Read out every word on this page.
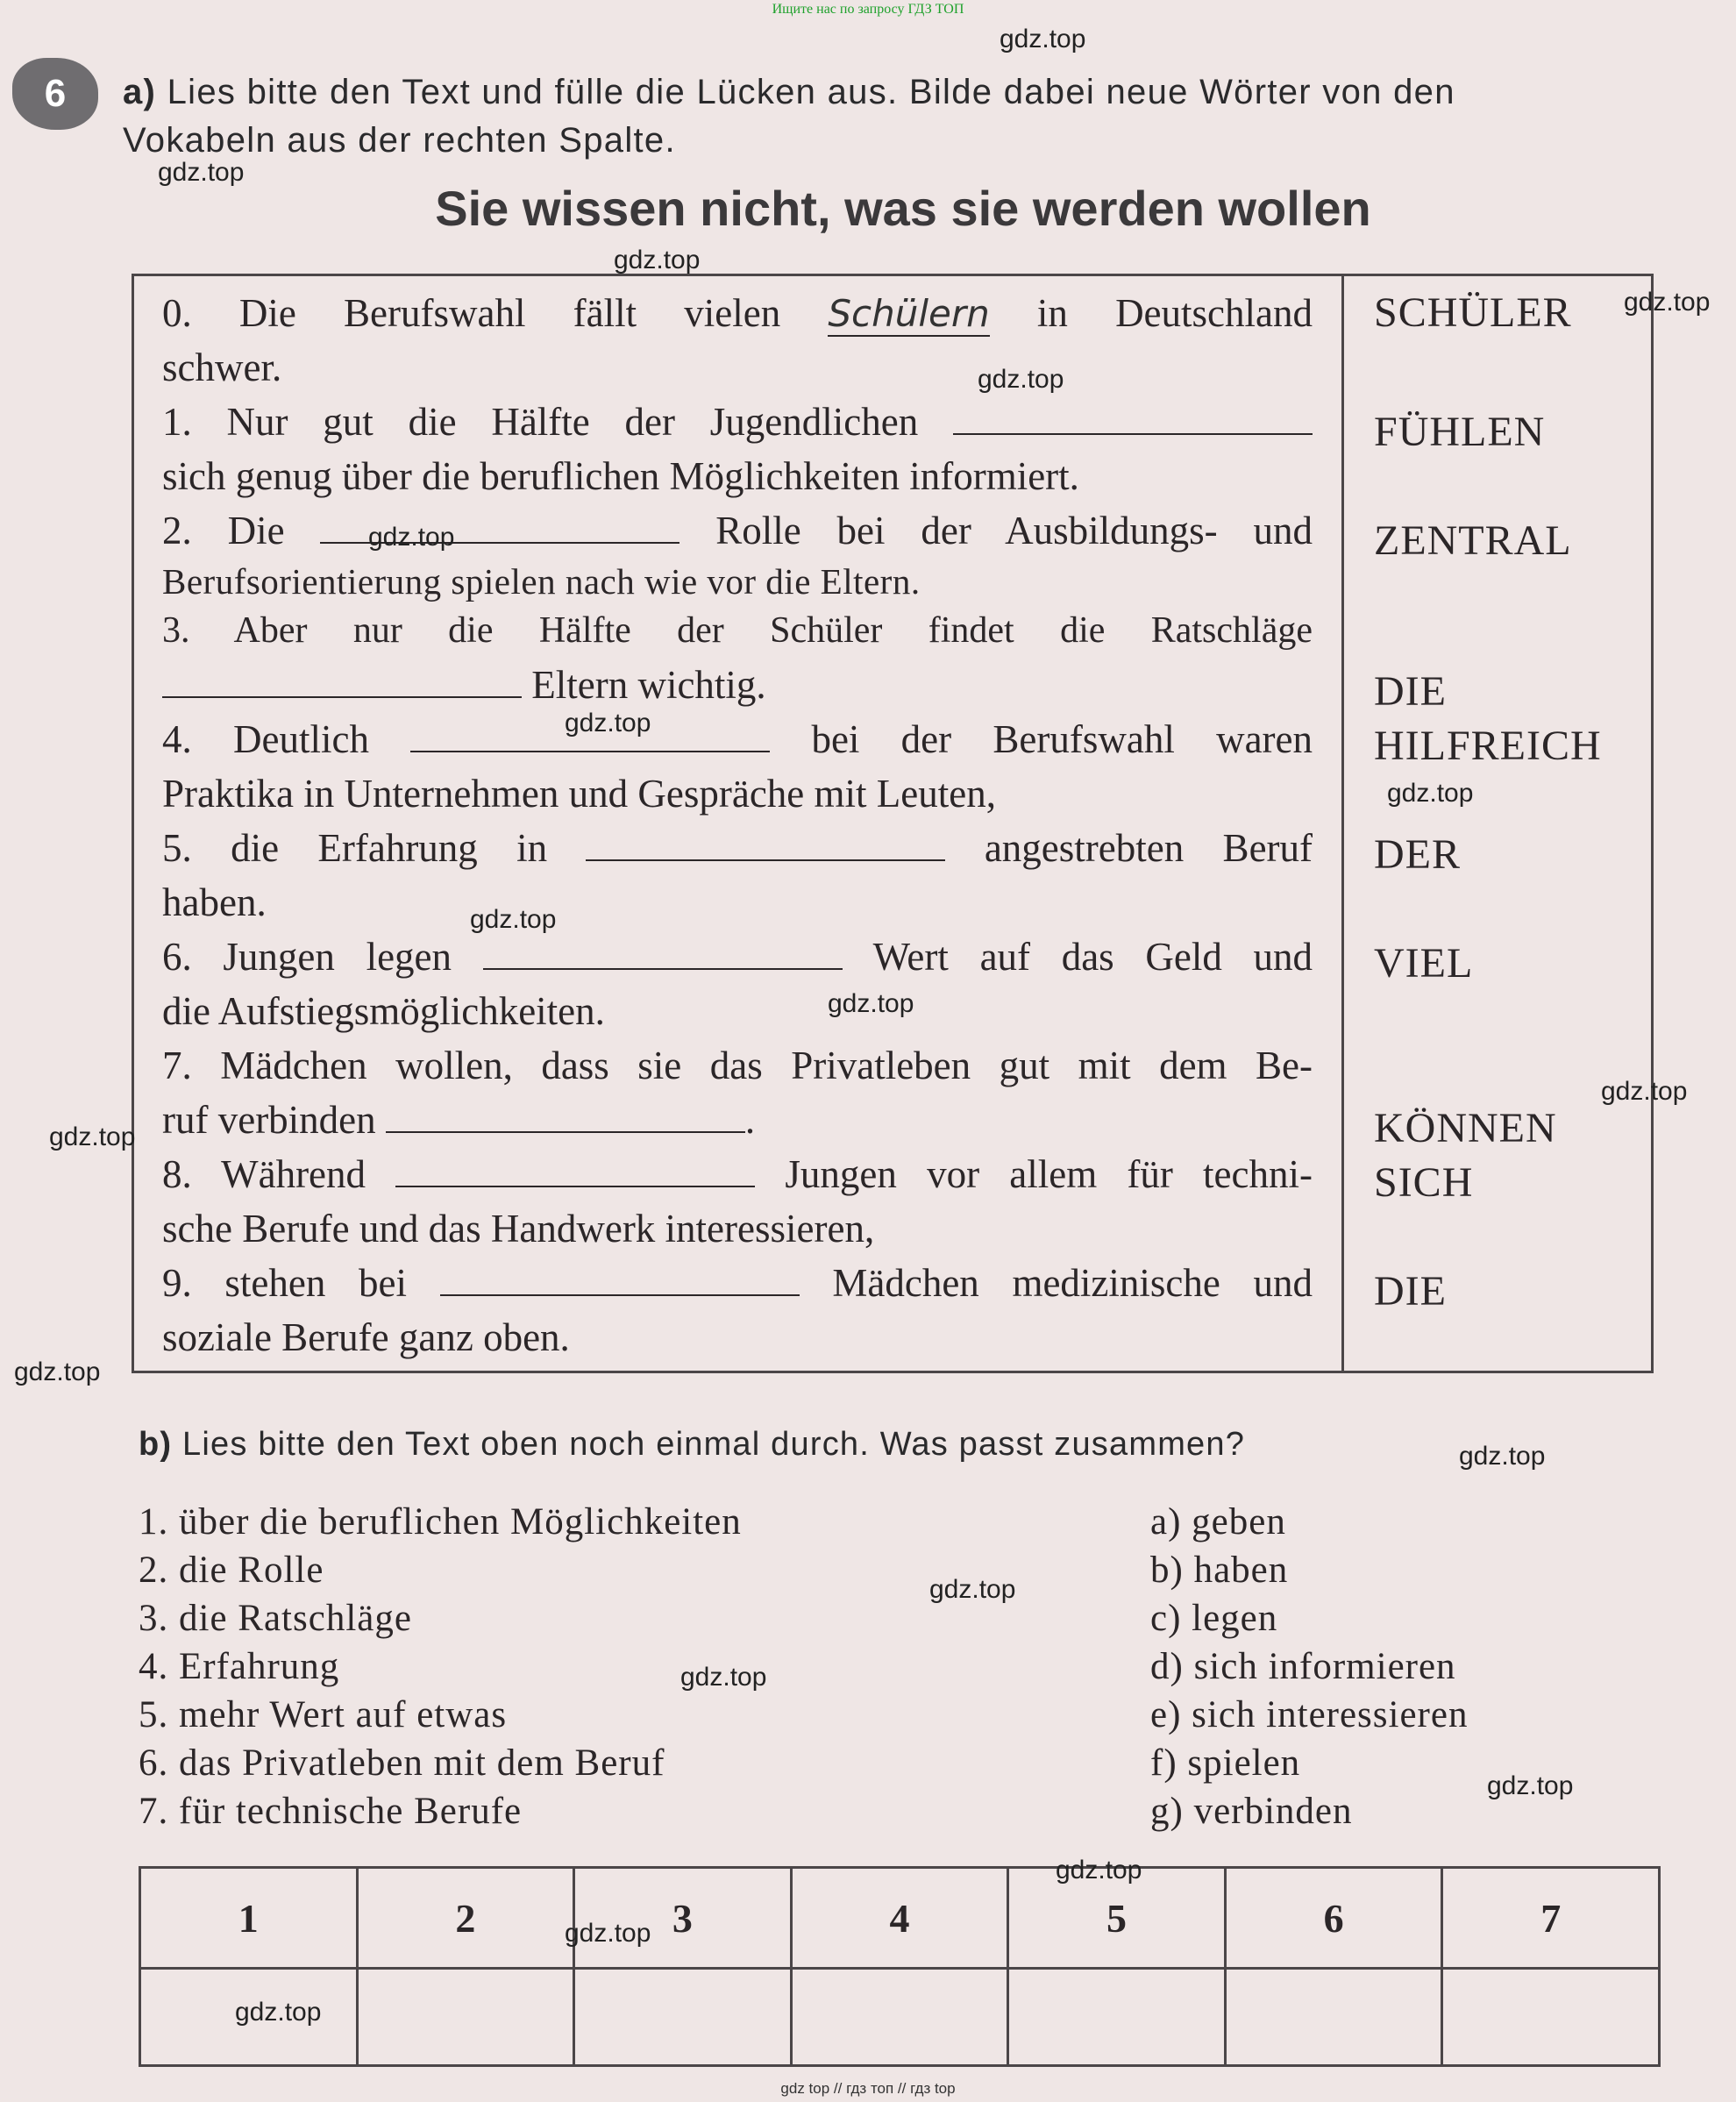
Ищите нас по запросу ГДЗ ТОП
6	a) Lies bitte den Text und fülle die Lücken aus. Bilde dabei neue Wörter von den
Vokabeln aus der rechten Spalte.
Sie wissen nicht, was sie werden wollen
0. Die Berufswahl fällt vielen Schülern in Deutschland
schwer.
1. Nur gut die Hälfte der Jugendlichen
sich genug über die beruflichen Möglichkeiten informiert.
2. Die	Rolle bei der Ausbildungs- und
Berufsorientierung spielen nach wie vor die Eltern.
3. Aber nur die Hälfte der Schüler findet die Ratschläge
Eltern wichtig.
4. Deutlich	bei der Berufswahl waren
Praktika in Unternehmen und Gespräche mit Leuten,
5. die Erfahrung in	angestrebten Beruf
haben.
6. Jungen legen	Wert auf das Geld und
die Aufstiegsmöglichkeiten.
7. Mädchen wollen, dass sie das Privatleben gut mit dem Be-
ruf verbinden	.
8. Während	Jungen vor allem für techni-
sche Berufe und das Handwerk interessieren,
9. stehen bei	Mädchen medizinische und
soziale Berufe ganz oben.
SCHÜLER
FÜHLEN
ZENTRAL
DIE
HILFREICH
DER
VIEL
KÖNNEN
SICH
DIE
b) Lies bitte den Text oben noch einmal durch. Was passt zusammen?
1. über die beruflichen Möglichkeiten
2. die Rolle
3. die Ratschläge
4. Erfahrung
5. mehr Wert auf etwas
6. das Privatleben mit dem Beruf
7. für technische Berufe
a) geben
b) haben
c) legen
d) sich informieren
e) sich interessieren
f) spielen
g) verbinden
1	2	3	4	5	6	7

gdz.top
gdz.top
gdz.top
gdz.top
gdz.top
gdz.top
gdz.top
gdz.top
gdz.top
gdz.top
gdz.top
gdz.top
gdz.top
gdz.top
gdz.top
gdz.top
gdz.top
gdz.top
gdz.top
gdz.top
gdz top // гдз топ // гдз top
